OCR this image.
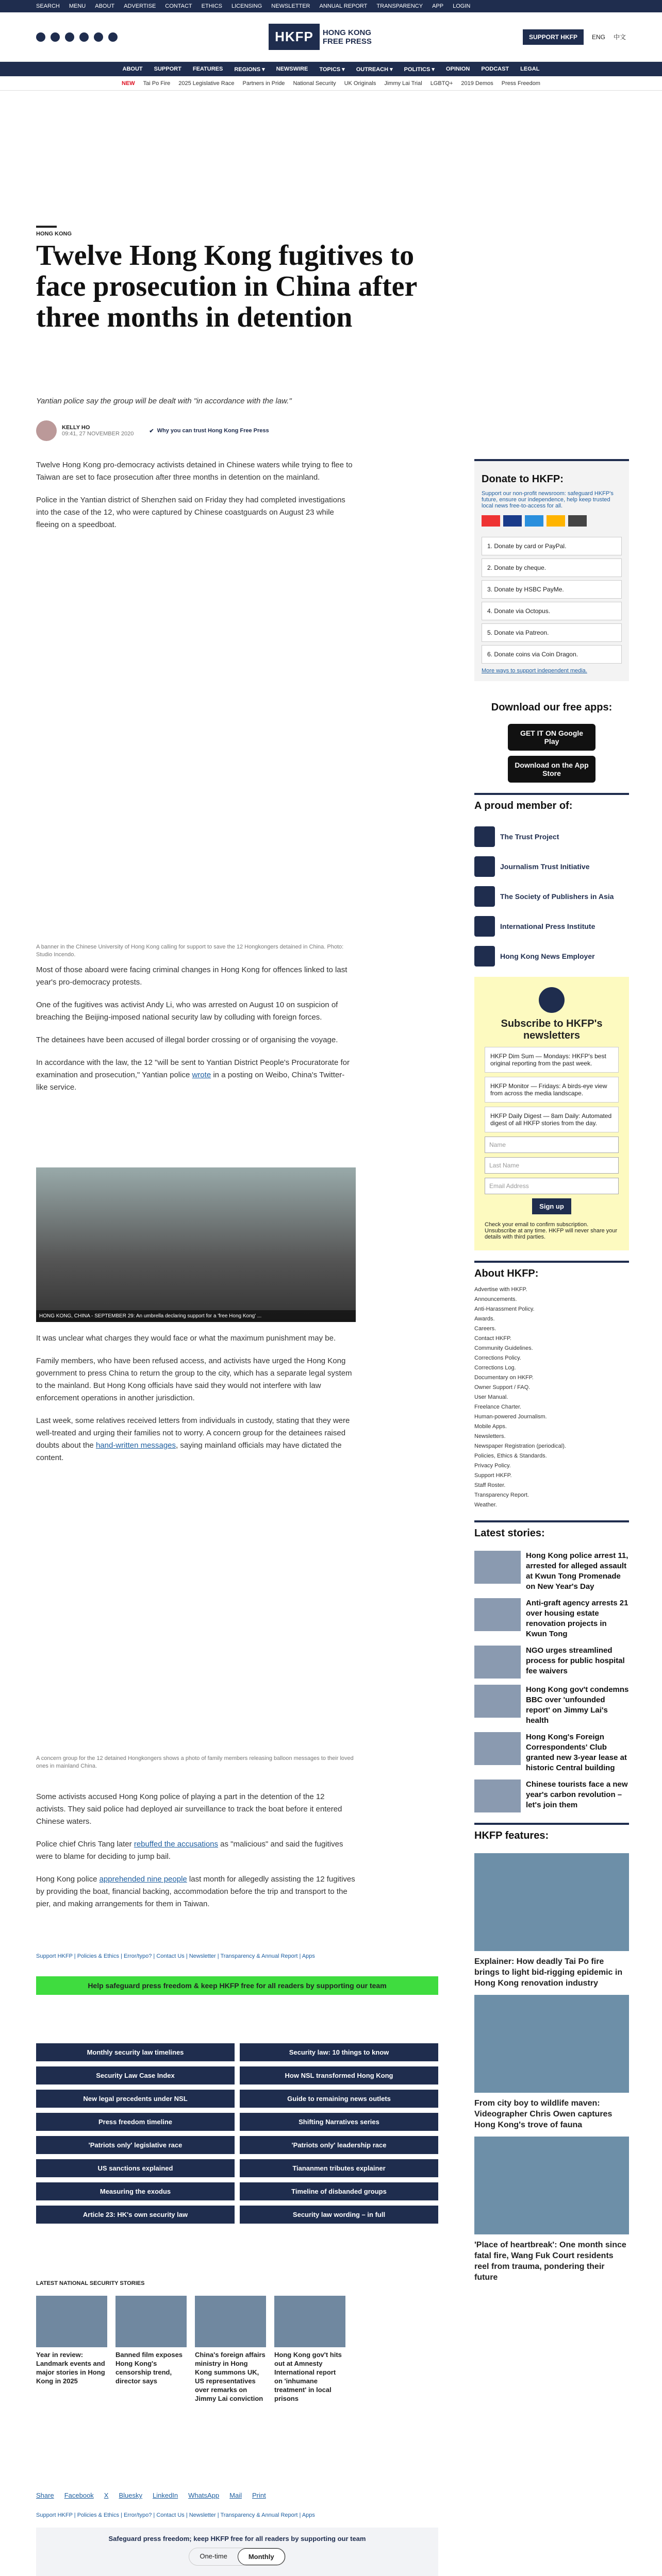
SEARCH MENU ABOUT ADVERTISE CONTACT ETHICS LICENSING NEWSLETTER ANNUAL REPORT TRANSPARENCY APP LOGIN
HKFP	HONG KONG
FREE PRESS	SUPPORT HKFP	ENG 中文
ABOUT SUPPORT FEATURES REGIONS ▾ NEWSWIRE TOPICS ▾ OUTREACH ▾ POLITICS ▾ OPINION PODCAST LEGAL
NEW Tai Po Fire 2025 Legislative Race Partners in Pride National Security UK Originals Jimmy Lai Trial LGBTQ+ 2019 Demos Press Freedom
HONG KONG
Twelve Hong Kong fugitives to face prosecution in China after three months in detention
Yantian police say the group will be dealt with "in accordance with the law."
KELLY HO
09:41, 27 NOVEMBER 2020	✔ Why you can trust Hong Kong Free Press

Twelve Hong Kong pro-democracy activists detained in Chinese waters while trying to flee to Taiwan are set to face prosecution after three months in detention on the mainland.

Police in the Yantian district of Shenzhen said on Friday they had completed investigations into the case of the 12, who were captured by Chinese coastguards on August 23 while fleeing on a speedboat.

A banner in the Chinese University of Hong Kong calling for support to save the 12 Hongkongers detained in China. Photo: Studio Incendo.

Most of those aboard were facing criminal changes in Hong Kong for offences linked to last year's pro-democracy protests.

One of the fugitives was activist Andy Li, who was arrested on August 10 on suspicion of breaching the Beijing-imposed national security law by colluding with foreign forces.

The detainees have been accused of illegal border crossing or of organising the voyage.

In accordance with the law, the 12 "will be sent to Yantian District People's Procuratorate for examination and prosecution," Yantian police wrote in a posting on Weibo, China's Twitter-like service.

HONG KONG, CHINA - SEPTEMBER 29: An umbrella declaring support for a 'free Hong Kong' ...

It was unclear what charges they would face or what the maximum punishment may be.

Family members, who have been refused access, and activists have urged the Hong Kong government to press China to return the group to the city, which has a separate legal system to the mainland. But Hong Kong officials have said they would not interfere with law enforcement operations in another jurisdiction.

Last week, some relatives received letters from individuals in custody, stating that they were well-treated and urging their families not to worry. A concern group for the detainees raised doubts about the hand-written messages, saying mainland officials may have dictated the content.

A concern group for the 12 detained Hongkongers shows a photo of family members releasing balloon messages to their loved ones in mainland China.

Some activists accused Hong Kong police of playing a part in the detention of the 12 activists. They said police had deployed air surveillance to track the boat before it entered Chinese waters.

Police chief Chris Tang later rebuffed the accusations as "malicious" and said the fugitives were to blame for deciding to jump bail.

Hong Kong police apprehended nine people last month for allegedly assisting the 12 fugitives by providing the boat, financial backing, accommodation before the trip and transport to the pier, and making arrangements for them in Taiwan.

Support HKFP | Policies & Ethics | Error/typo? | Contact Us | Newsletter | Transparency & Annual Report | Apps
Help safeguard press freedom & keep HKFP free for all readers by supporting our team
Monthly security law timelines	Security law: 10 things to know
Security Law Case Index	How NSL transformed Hong Kong
New legal precedents under NSL	Guide to remaining news outlets
Press freedom timeline	Shifting Narratives series
'Patriots only' legislative race	'Patriots only' leadership race
US sanctions explained	Tiananmen tributes explainer
Measuring the exodus	Timeline of disbanded groups
Article 23: HK's own security law	Security law wording – in full
LATEST NATIONAL SECURITY STORIES
Year in review: Landmark events and major stories in Hong Kong in 2025
Banned film exposes Hong Kong's censorship trend, director says
China's foreign affairs ministry in Hong Kong summons UK, US representatives over remarks on Jimmy Lai conviction
Hong Kong gov't hits out at Amnesty International report on 'inhumane treatment' in local prisons
Share Facebook X Bluesky LinkedIn WhatsApp Mail Print
Support HKFP | Policies & Ethics | Error/typo? | Contact Us | Newsletter | Transparency & Annual Report | Apps
Safeguard press freedom; keep HKFP free for all readers by supporting our team
One-time	Monthly
Donate to HKFP:
Support our non-profit newsroom: safeguard HKFP's future, ensure our independence, help keep trusted local news free-to-access for all.
1. Donate by card or PayPal.
2. Donate by cheque.
3. Donate by HSBC PayMe.
4. Donate via Octopus.
5. Donate via Patreon.
6. Donate coins via Coin Dragon.
More ways to support independent media.
Download our free apps:
GET IT ON Google Play
Download on the App Store
A proud member of:
The Trust Project
Journalism Trust Initiative
The Society of Publishers in Asia
International Press Institute
Hong Kong News Employer
Subscribe to HKFP's newsletters
HKFP Dim Sum — Mondays: HKFP's best original reporting from the past week.
HKFP Monitor — Fridays: A birds-eye view from across the media landscape.
HKFP Daily Digest — 8am Daily: Automated digest of all HKFP stories from the day.
Name
Last Name
Email Address
Sign up
Check your email to confirm subscription. Unsubscribe at any time. HKFP will never share your details with third parties.
About HKFP:
Advertise with HKFP.
Announcements.
Anti-Harassment Policy.
Awards.
Careers.
Contact HKFP.
Community Guidelines.
Corrections Policy.
Corrections Log.
Documentary on HKFP.
Owner Support / FAQ.
User Manual.
Freelance Charter.
Human-powered Journalism.
Mobile Apps.
Newsletters.
Newspaper Registration (periodical).
Policies, Ethics & Standards.
Privacy Policy.
Support HKFP.
Staff Roster.
Transparency Report.
Weather.
Latest stories:
Hong Kong police arrest 11, arrested for alleged assault at Kwun Tong Promenade on New Year's Day
Anti-graft agency arrests 21 over housing estate renovation projects in Kwun Tong
NGO urges streamlined process for public hospital fee waivers
Hong Kong gov't condemns BBC over 'unfounded report' on Jimmy Lai's health
Hong Kong's Foreign Correspondents' Club granted new 3-year lease at historic Central building
Chinese tourists face a new year's carbon revolution – let's join them
HKFP features:
Explainer: How deadly Tai Po fire brings to light bid-rigging epidemic in Hong Kong renovation industry
From city boy to wildlife maven: Videographer Chris Owen captures Hong Kong's trove of fauna
'Place of heartbreak': One month since fatal fire, Wang Fuk Court residents reel from trauma, pondering their future
